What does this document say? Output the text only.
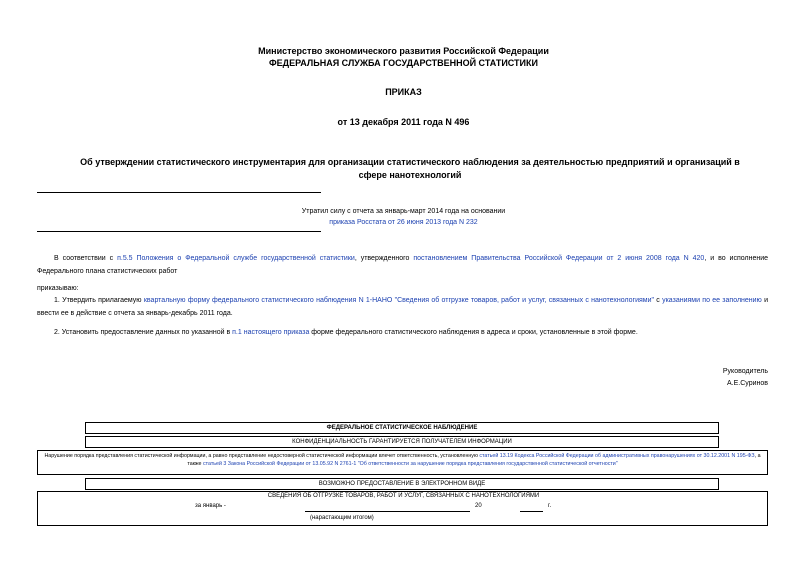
Министерство экономического развития Российской Федерации
ФЕДЕРАЛЬНАЯ СЛУЖБА ГОСУДАРСТВЕННОЙ СТАТИСТИКИ
ПРИКАЗ
от 13 декабря 2011 года N 496
Об утверждении статистического инструментария для организации статистического наблюдения за деятельностью предприятий и организаций в сфере нанотехнологий
Утратил силу с отчета за январь-март 2014 года на основании
приказа Росстата от 26 июня 2013 года N 232
В соответствии с п.5.5 Положения о Федеральной службе государственной статистики, утвержденного постановлением Правительства Российской Федерации от 2 июня 2008 года N 420, и во исполнение Федерального плана статистических работ
приказываю:
1. Утвердить прилагаемую квартальную форму федерального статистического наблюдения N 1-НАНО "Сведения об отгрузке товаров, работ и услуг, связанных с нанотехнологиями" с указаниями по ее заполнению и ввести ее в действие с отчета за январь-декабрь 2011 года.
2. Установить предоставление данных по указанной в п.1 настоящего приказа форме федерального статистического наблюдения в адреса и сроки, установленные в этой форме.
Руководитель
А.Е.Суринов
ФЕДЕРАЛЬНОЕ СТАТИСТИЧЕСКОЕ НАБЛЮДЕНИЕ
КОНФИДЕНЦИАЛЬНОСТЬ ГАРАНТИРУЕТСЯ ПОЛУЧАТЕЛЕМ ИНФОРМАЦИИ
Нарушение порядка представления статистической информации, а равно представление недостоверной статистической информации влечет ответственность, установленную статьей 13.19 Кодекса Российской Федерации об административных правонарушениях от 30.12.2001 N 195-ФЗ, а также статьей 3 Закона Российской Федерации от 13.05.92 N 2761-1 "Об ответственности за нарушение порядка представления государственной статистической отчетности"
ВОЗМОЖНО ПРЕДОСТАВЛЕНИЕ В ЭЛЕКТРОННОМ ВИДЕ
СВЕДЕНИЯ ОБ ОТГРУЗКЕ ТОВАРОВ, РАБОТ И УСЛУГ, СВЯЗАННЫХ С НАНОТЕХНОЛОГИЯМИ
за январь -	20	г.
(нарастающим итогом)
